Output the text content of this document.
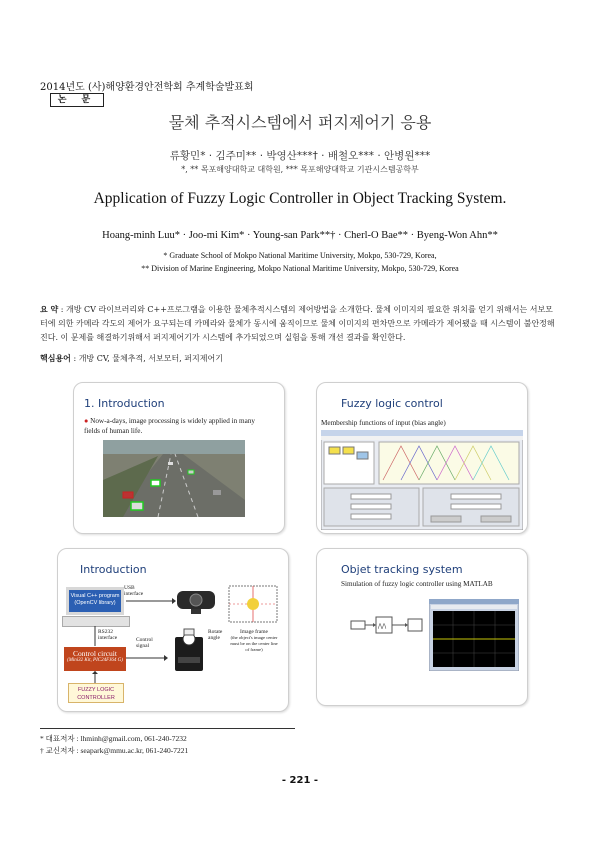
2014년도 (사)해양환경안전학회 추계학술발표회
논 문
물체 추적시스템에서 퍼지제어기 응용
류황민* · 김주미** · 박영산***† · 배철오*** · 안병원***
*, ** 목포해양대학교 대학원, *** 목포해양대학교 기관시스템공학부
Application of Fuzzy Logic Controller in Object Tracking System.
Hoang-minh Luu* · Joo-mi Kim* · Young-san Park**† · Cherl-O Bae** · Byeng-Won Ahn**
* Graduate School of Mokpo National Maritime University, Mokpo, 530-729, Korea,
** Division of Marine Engineering, Mokpo National Maritime University, Mokpo, 530-729, Korea
요 약 : 개방 CV 라이브러리와 C++프로그램을 이용한 물체추적시스템의 제어방법을 소개한다. 물체 이미지의 필요한 위치를 얻기 위해서는 서보모터에 의한 카메라 각도의 제어가 요구되는데 카메라와 물체가 동시에 움직이므로 물체 이미지의 편차만으로 카메라가 제어됐을 때 시스템이 불안정해진다. 이 문제를 해결하기위해서 퍼지제어기가 시스템에 추가되었으며 실험을 통해 개선 결과를 확인한다.
핵심용어 : 개방 CV, 물체추적, 서보모터, 퍼지제어기
1. Introduction
● Now-a-days, image processing is widely applied in many fields of human life.
Fuzzy logic control
Membership functions of input (bias angle)
Introduction
Visual C++ program (OpenCV library)
USB interface
RS232 interface
Control circuit
(Mini32 Kit, PIC24FJ64 G)
Control signal
Rotate angle
Image frame
(the object's image center must be on the center line of frame)
FUZZY LOGIC CONTROLLER
Objet tracking system
Simulation of fuzzy logic controller using MATLAB
/\/\
* 대표저자 : lhminh@gmail.com, 061-240-7232
† 교신저자 : seapark@mmu.ac.kr, 061-240-7221
- 221 -
